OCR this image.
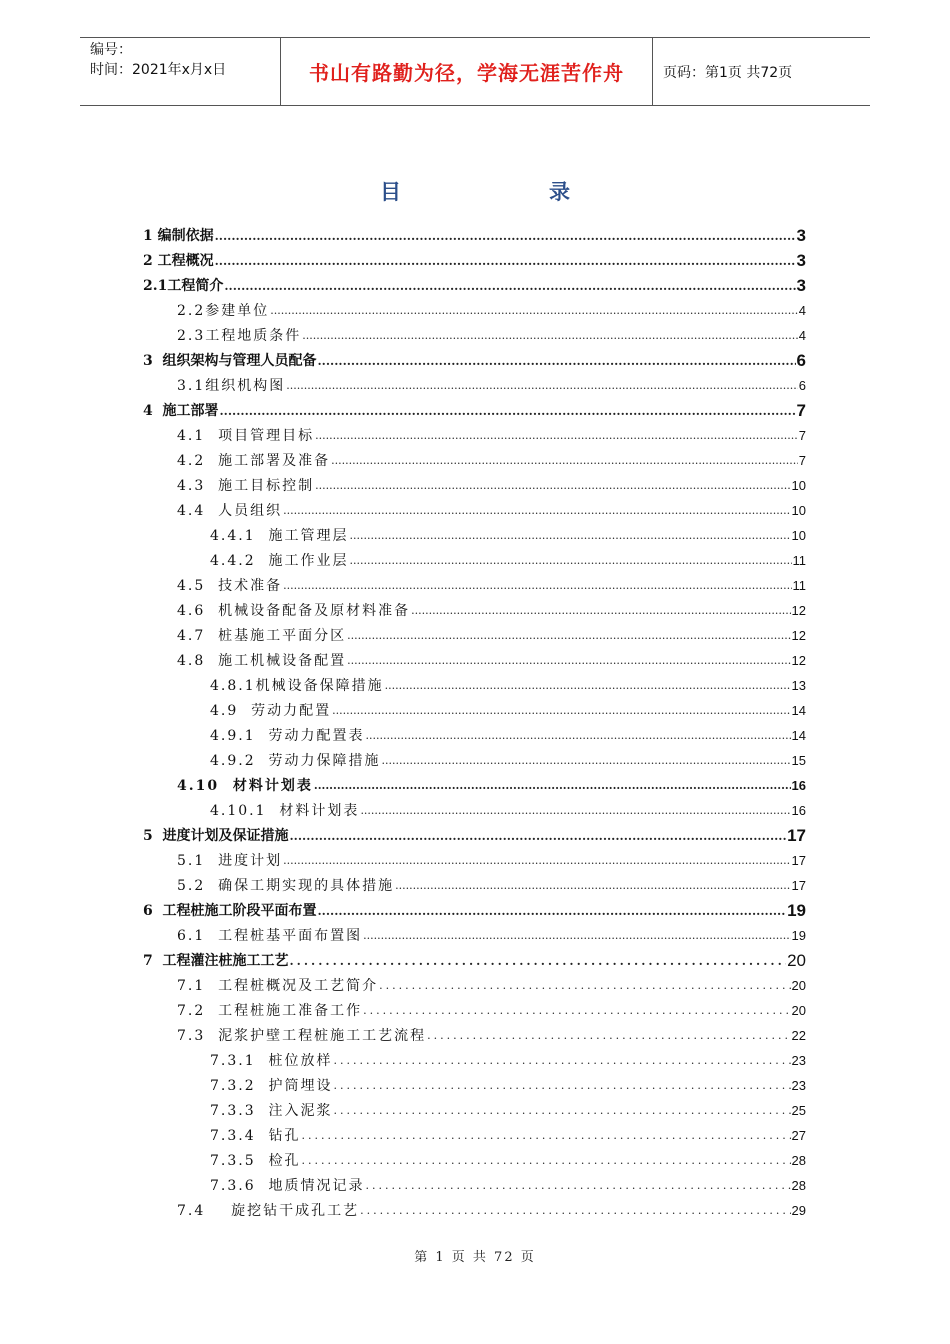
编号：
时间：2021年x月x日	书山有路勤为径，学海无涯苦作舟	页码：第1页 共72页
目录
1 编制依据 .....	3
2 工程概况 .....	3
2.1工程简介 .....	3
2.2参建单位 .....	4
2.3工程地质条件 .....	4
3  组织架构与管理人员配备 .....	6
3.1组织机构图 .....	6
4  施工部署 .....	7
4.1  项目管理目标 .....	7
4.2  施工部署及准备 .....	7
4.3  施工目标控制 .....	10
4.4  人员组织 .....	10
4.4.1  施工管理层 .....	10
4.4.2  施工作业层 .....	11
4.5  技术准备 .....	11
4.6  机械设备配备及原材料准备 .....	12
4.7  桩基施工平面分区 .....	12
4.8  施工机械设备配置 .....	12
4.8.1机械设备保障措施 .....	13
4.9  劳动力配置 .....	14
4.9.1  劳动力配置表 .....	14
4.9.2  劳动力保障措施 .....	15
4.10  材料计划表 .....	16
4.10.1  材料计划表 .....	16
5  进度计划及保证措施 .....	17
5.1  进度计划 .....	17
5.2  确保工期实现的具体措施 .....	17
6  工程桩施工阶段平面布置 .....	19
6.1  工程桩基平面布置图 .....	19
7  工程灌注桩施工工艺 .....	20
7.1  工程桩概况及工艺简介 .....	20
7.2  工程桩施工准备工作 .....	20
7.3  泥浆护壁工程桩施工工艺流程 .....	22
7.3.1  桩位放样 .....	23
7.3.2  护筒埋设 .....	23
7.3.3  注入泥浆 .....	25
7.3.4  钻孔 .....	27
7.3.5  检孔 .....	28
7.3.6  地质情况记录 .....	28
7.4    旋挖钻干成孔工艺 .....	29
第 1 页 共 72 页
